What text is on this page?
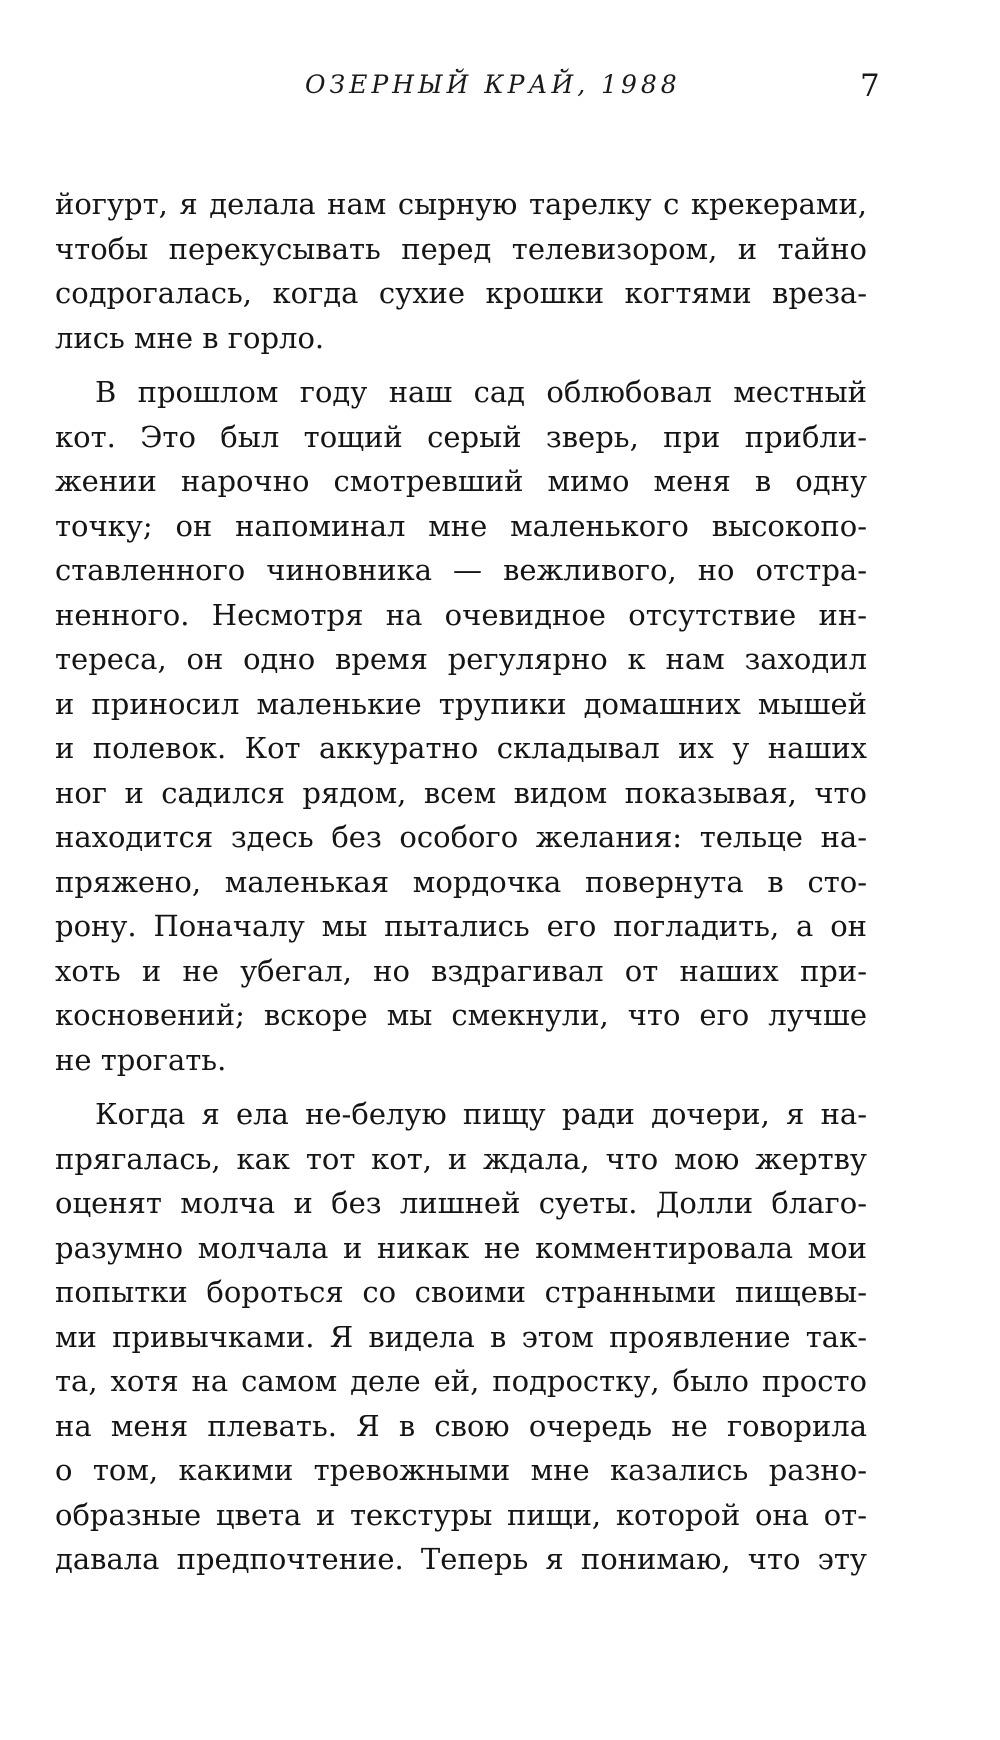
ОЗЕРНЫЙ КРАЙ, 1988	7
йогурт, я делала нам сырную тарелку с крекерами,
чтобы перекусывать перед телевизором, и тайно
содрогалась, когда сухие крошки когтями вреза-
лись мне в горло.
В прошлом году наш сад облюбовал местный
кот. Это был тощий серый зверь, при прибли-
жении нарочно смотревший мимо меня в одну
точку; он напоминал мне маленького высокопо-
ставленного чиновника — вежливого, но отстра-
ненного. Несмотря на очевидное отсутствие ин-
тереса, он одно время регулярно к нам заходил
и приносил маленькие трупики домашних мышей
и полевок. Кот аккуратно складывал их у наших
ног и садился рядом, всем видом показывая, что
находится здесь без особого желания: тельце на-
пряжено, маленькая мордочка повернута в сто-
рону. Поначалу мы пытались его погладить, а он
хоть и не убегал, но вздрагивал от наших при-
косновений; вскоре мы смекнули, что его лучше
не трогать.
Когда я ела не-белую пищу ради дочери, я на-
прягалась, как тот кот, и ждала, что мою жертву
оценят молча и без лишней суеты. Долли благо-
разумно молчала и никак не комментировала мои
попытки бороться со своими странными пищевы-
ми привычками. Я видела в этом проявление так-
та, хотя на самом деле ей, подростку, было просто
на меня плевать. Я в свою очередь не говорила
о том, какими тревожными мне казались разно-
образные цвета и текстуры пищи, которой она от-
давала предпочтение. Теперь я понимаю, что эту
